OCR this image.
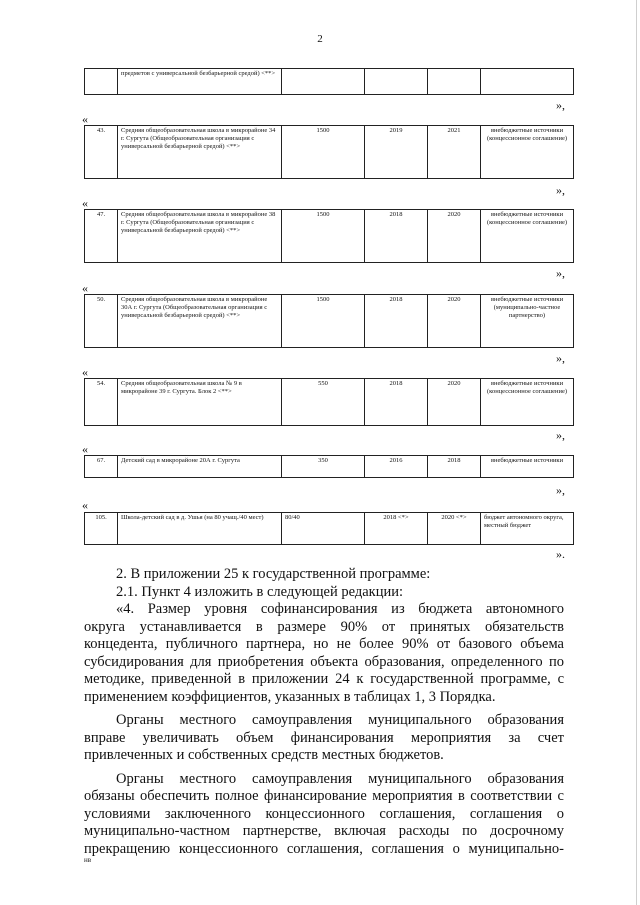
2
	предметов с универсальной безбарьерной средой) <**>				
»,
«
43.	Средняя общеобразовательная школа в микрорайоне 34 г. Сургута (Общеобразовательная организация с универсальной безбарьерной средой) <**>	1500	2019	2021	внебюджетные источники (концессионное соглашение)
»,
«
47.	Средняя общеобразовательная школа в микрорайоне 38 г. Сургута (Общеобразовательная организация с универсальной безбарьерной средой) <**>	1500	2018	2020	внебюджетные источники (концессионное соглашение)
»,
«
50.	Средняя общеобразовательная школа в микрорайоне 30А г. Сургута (Общеобразовательная организация с универсальной безбарьерной средой) <**>	1500	2018	2020	внебюджетные источники (муниципально-частное партнерство)
»,
«
54.	Средняя общеобразовательная школа № 9 в микрорайоне 39 г. Сургута. Блок 2 <**>	550	2018	2020	внебюджетные источники (концессионное соглашение)
»,
«
67.	Детский сад в микрорайоне 20А г. Сургута	350	2016	2018	внебюджетные источники
»,
«
105.	Школа-детский сад в д. Ушья (на 80 учащ./40 мест)	80/40	2018 <*>	2020 <*>	бюджет автономного округа, местный бюджет
».
2. В приложении 25 к государственной программе:
2.1. Пункт 4 изложить в следующей редакции:
«4. Размер уровня софинансирования из бюджета автономного
округа устанавливается в размере 90% от принятых обязательств
концедента, публичного партнера, но не более 90% от базового объема
субсидирования для приобретения объекта образования, определенного по
методике, приведенной в приложении 24 к государственной программе, с
применением коэффициентов, указанных в таблицах 1, 3 Порядка.
Органы местного самоуправления муниципального образования
вправе увеличивать объем финансирования мероприятия за счет
привлеченных и собственных средств местных бюджетов.
Органы местного самоуправления муниципального образования
обязаны обеспечить полное финансирование мероприятия в соответствии с
условиями заключенного концессионного соглашения, соглашения о
муниципально-частном партнерстве, включая расходы по досрочному
прекращению концессионного соглашения, соглашения о муниципально-
нв
